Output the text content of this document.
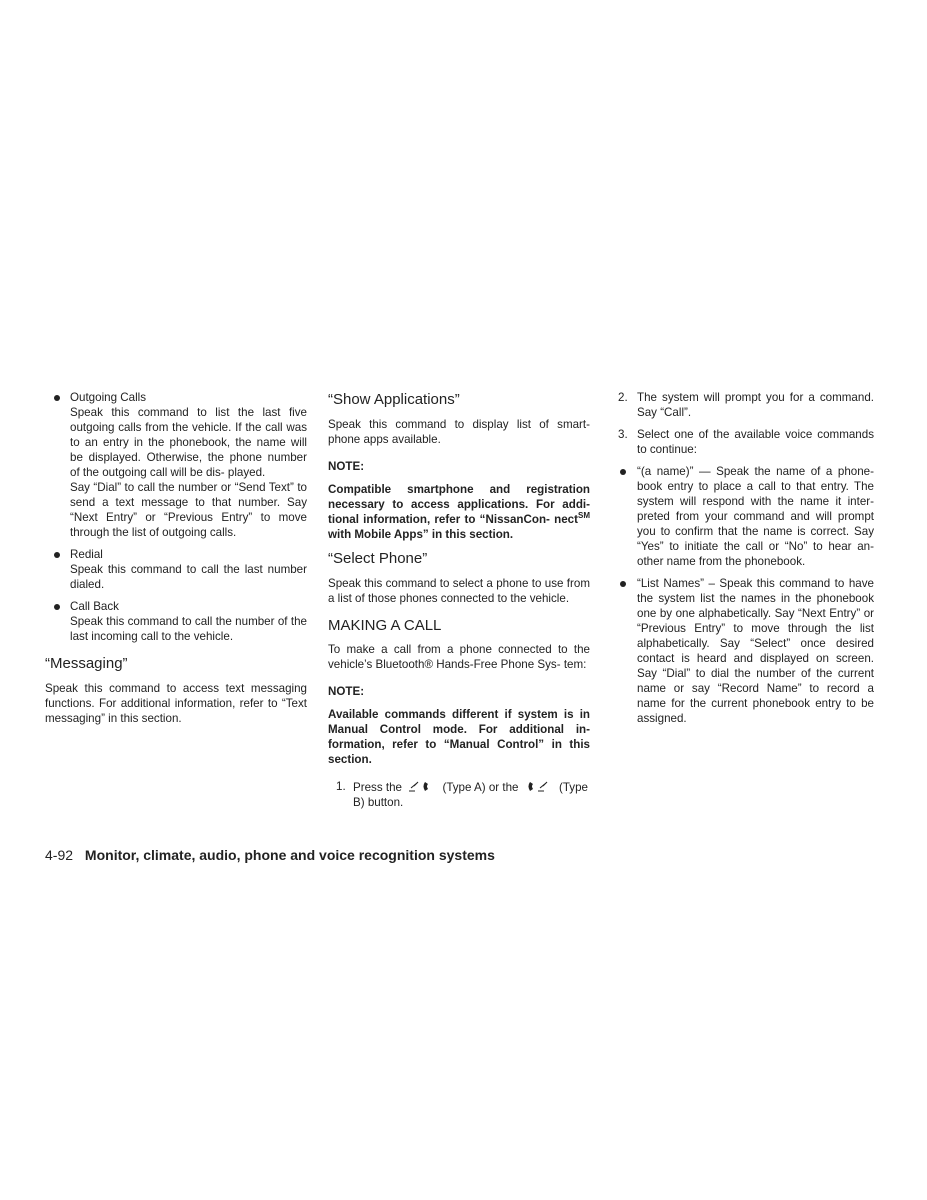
Outgoing Calls

Speak this command to list the last five outgoing calls from the vehicle. If the call was to an entry in the phonebook, the name will be displayed. Otherwise, the phone number of the outgoing call will be dis- played.

Say “Dial” to call the number or “Send Text” to send a text message to that number. Say “Next Entry” or “Previous Entry” to move through the list of outgoing calls.

Redial

Speak this command to call the last number dialed.

Call Back

Speak this command to call the number of the last incoming call to the vehicle.

“Messaging”

Speak this command to access text messaging functions. For additional information, refer to “Text messaging” in this section.

“Show Applications”

Speak this command to display list of smart- phone apps available.

NOTE:

Compatible smartphone and registration necessary to access applications. For addi- tional information, refer to “NissanCon- nect℠ with Mobile Apps” in this section.

“Select Phone”

Speak this command to select a phone to use from a list of those phones connected to the vehicle.

MAKING A CALL

To make a call from a phone connected to the vehicle’s Bluetooth® Hands-Free Phone Sys- tem:

NOTE:

Available commands different if system is in Manual Control mode. For additional in- formation, refer to “Manual Control” in this section.

1. Press the	(Type A) or the	(Type B) button.

2. The system will prompt you for a command. Say “Call”.

3. Select one of the available voice commands to continue:

“(a name)” — Speak the name of a phone- book entry to place a call to that entry. The system will respond with the name it inter- preted from your command and will prompt you to confirm that the name is correct. Say “Yes” to initiate the call or “No” to hear an- other name from the phonebook.

“List Names” – Speak this command to have the system list the names in the phonebook one by one alphabetically. Say “Next Entry” or “Previous Entry” to move through the list alphabetically. Say “Select” once desired contact is heard and displayed on screen. Say “Dial” to dial the number of the current name or say “Record Name” to record a name for the current phonebook entry to be assigned.

4-92 Monitor, climate, audio, phone and voice recognition systems
